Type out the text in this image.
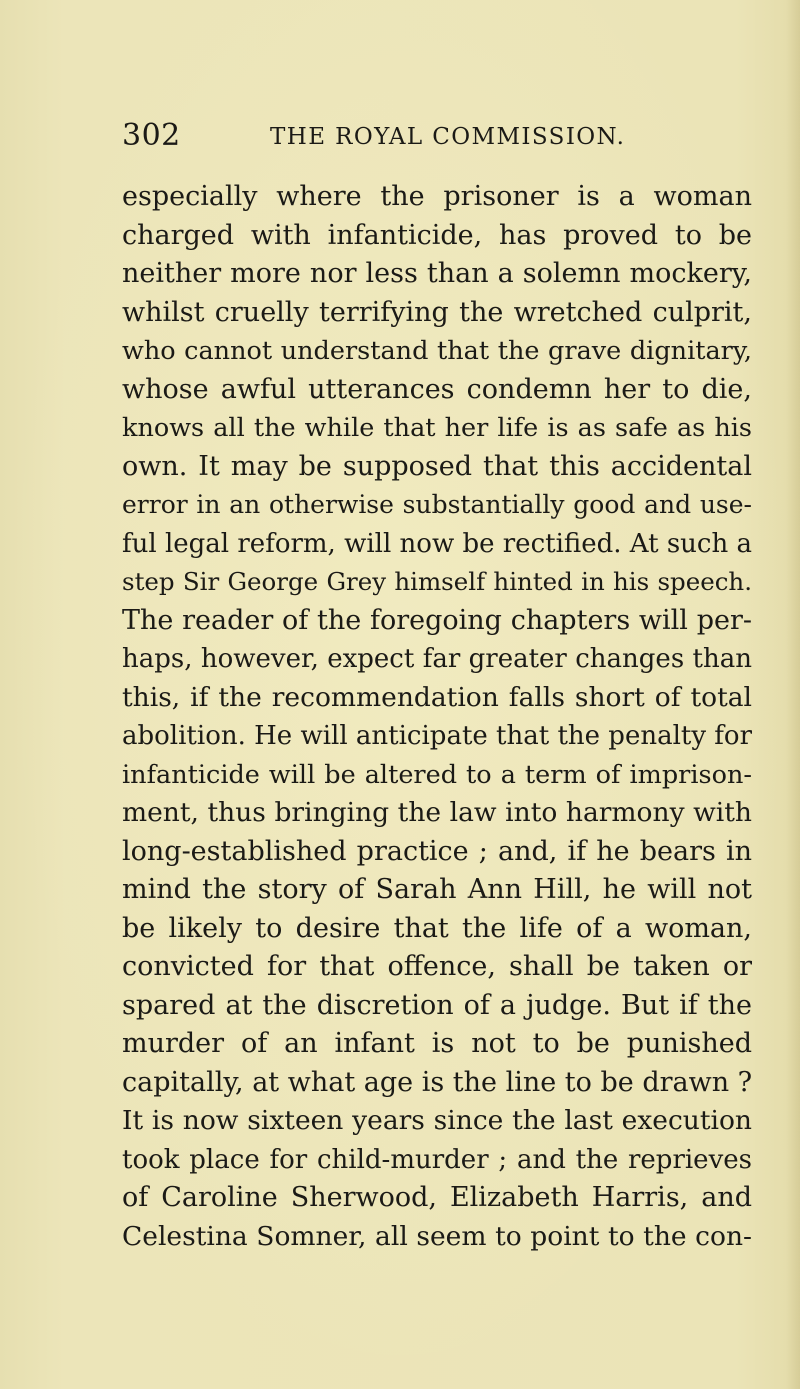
302	THE ROYAL COMMISSION.
especially where the prisoner is a woman
charged with infanticide, has proved to be
neither more nor less than a solemn mockery,
whilst cruelly terrifying the wretched culprit,
who cannot understand that the grave dignitary,
whose awful utterances condemn her to die,
knows all the while that her life is as safe as his
own. It may be supposed that this accidental
error in an otherwise substantially good and use-
ful legal reform, will now be rectified. At such a
step Sir George Grey himself hinted in his speech.
The reader of the foregoing chapters will per-
haps, however, expect far greater changes than
this, if the recommendation falls short of total
abolition. He will anticipate that the penalty for
infanticide will be altered to a term of imprison-
ment, thus bringing the law into harmony with
long-established practice ; and, if he bears in
mind the story of Sarah Ann Hill, he will not
be likely to desire that the life of a woman,
convicted for that offence, shall be taken or
spared at the discretion of a judge. But if the
murder of an infant is not to be punished
capitally, at what age is the line to be drawn ?
It is now sixteen years since the last execution
took place for child-murder ; and the reprieves
of Caroline Sherwood, Elizabeth Harris, and
Celestina Somner, all seem to point to the con-
